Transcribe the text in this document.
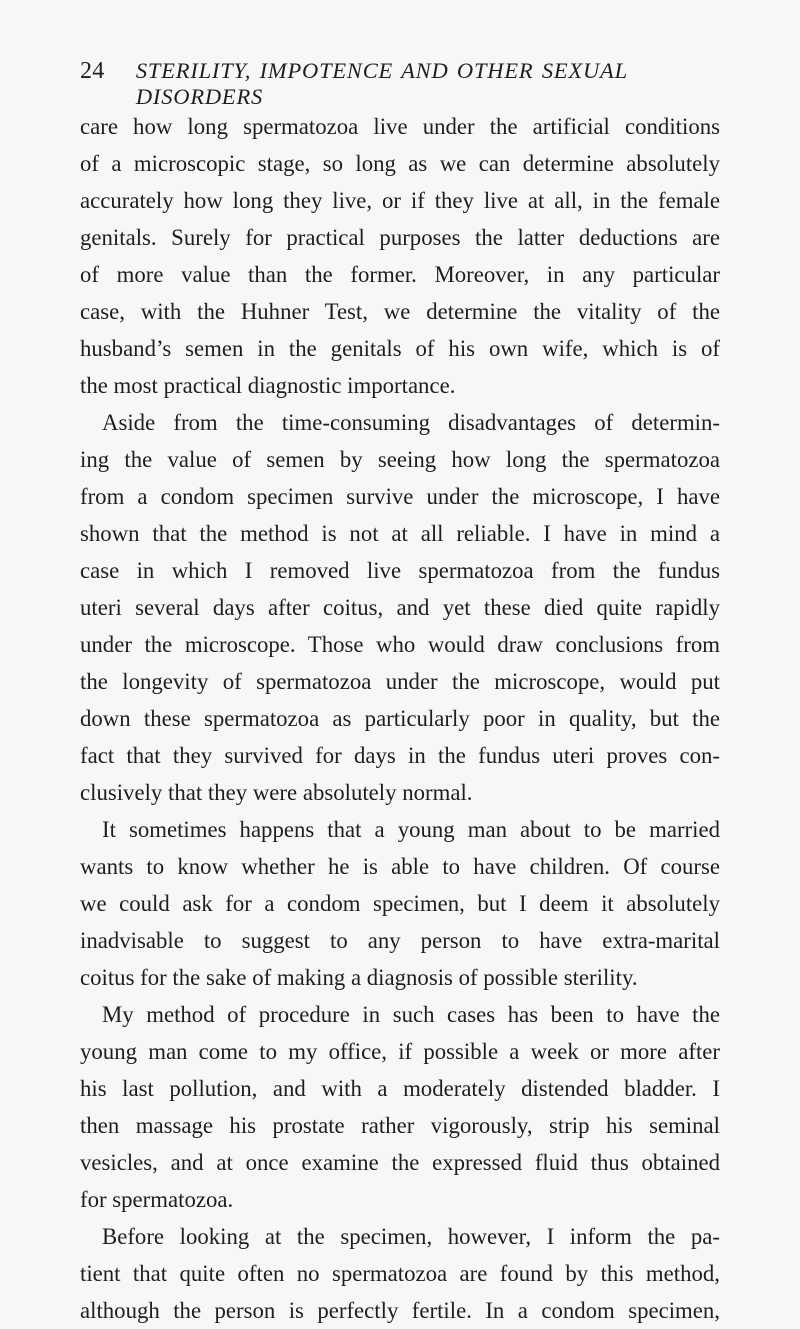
24	STERILITY, IMPOTENCE AND OTHER SEXUAL DISORDERS
care how long spermatozoa live under the artificial conditions
of a microscopic stage, so long as we can determine absolutely
accurately how long they live, or if they live at all, in the female
genitals. Surely for practical purposes the latter deductions are
of more value than the former. Moreover, in any particular
case, with the Huhner Test, we determine the vitality of the
husband’s semen in the genitals of his own wife, which is of
the most practical diagnostic importance.
Aside from the time-consuming disadvantages of determin-
ing the value of semen by seeing how long the spermatozoa
from a condom specimen survive under the microscope, I have
shown that the method is not at all reliable. I have in mind a
case in which I removed live spermatozoa from the fundus
uteri several days after coitus, and yet these died quite rapidly
under the microscope. Those who would draw conclusions from
the longevity of spermatozoa under the microscope, would put
down these spermatozoa as particularly poor in quality, but the
fact that they survived for days in the fundus uteri proves con-
clusively that they were absolutely normal.
It sometimes happens that a young man about to be married
wants to know whether he is able to have children. Of course
we could ask for a condom specimen, but I deem it absolutely
inadvisable to suggest to any person to have extra-marital
coitus for the sake of making a diagnosis of possible sterility.
My method of procedure in such cases has been to have the
young man come to my office, if possible a week or more after
his last pollution, and with a moderately distended bladder. I
then massage his prostate rather vigorously, strip his seminal
vesicles, and at once examine the expressed fluid thus obtained
for spermatozoa.
Before looking at the specimen, however, I inform the pa-
tient that quite often no spermatozoa are found by this method,
although the person is perfectly fertile. In a condom specimen,
